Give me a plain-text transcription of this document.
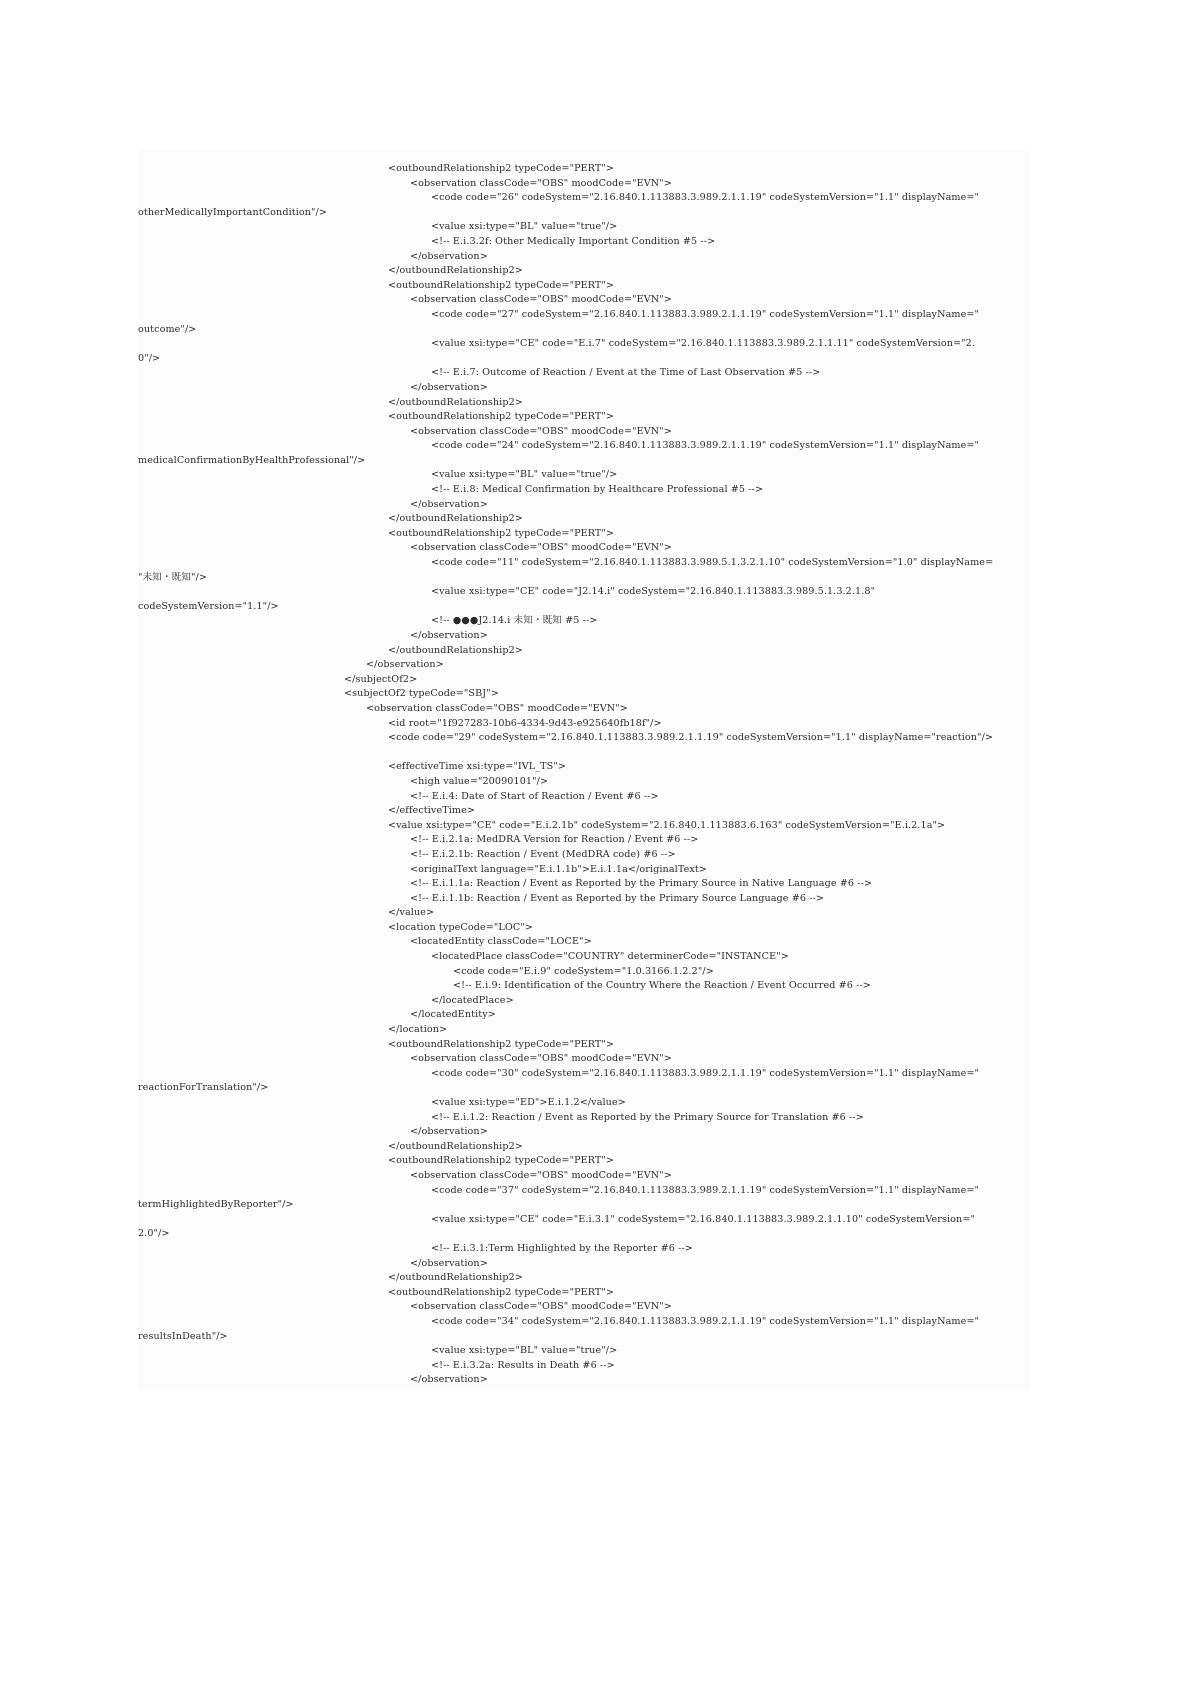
<outboundRelationship2 typeCode="PERT">
<observation classCode="OBS" moodCode="EVN">
<code code="26" codeSystem="2.16.840.1.113883.3.989.2.1.1.19" codeSystemVersion="1.1" displayName="
otherMedicallyImportantCondition"/>
<value xsi:type="BL" value="true"/>
<!-- E.i.3.2f: Other Medically Important Condition #5 -->
</observation>
</outboundRelationship2>
<outboundRelationship2 typeCode="PERT">
<observation classCode="OBS" moodCode="EVN">
<code code="27" codeSystem="2.16.840.1.113883.3.989.2.1.1.19" codeSystemVersion="1.1" displayName="
outcome"/>
<value xsi:type="CE" code="E.i.7" codeSystem="2.16.840.1.113883.3.989.2.1.1.11" codeSystemVersion="2.
0"/>
<!-- E.i.7: Outcome of Reaction / Event at the Time of Last Observation #5 -->
</observation>
</outboundRelationship2>
<outboundRelationship2 typeCode="PERT">
<observation classCode="OBS" moodCode="EVN">
<code code="24" codeSystem="2.16.840.1.113883.3.989.2.1.1.19" codeSystemVersion="1.1" displayName="
medicalConfirmationByHealthProfessional"/>
<value xsi:type="BL" value="true"/>
<!-- E.i.8: Medical Confirmation by Healthcare Professional #5 -->
</observation>
</outboundRelationship2>
<outboundRelationship2 typeCode="PERT">
<observation classCode="OBS" moodCode="EVN">
<code code="11" codeSystem="2.16.840.1.113883.3.989.5.1.3.2.1.10" codeSystemVersion="1.0" displayName=
"未知・既知"/>
<value xsi:type="CE" code="J2.14.i" codeSystem="2.16.840.1.113883.3.989.5.1.3.2.1.8"
codeSystemVersion="1.1"/>
<!-- ●●●J2.14.i 未知・既知 #5 -->
</observation>
</outboundRelationship2>
</observation>
</subjectOf2>
<subjectOf2 typeCode="SBJ">
<observation classCode="OBS" moodCode="EVN">
<id root="1f927283-10b6-4334-9d43-e925640fb18f"/>
<code code="29" codeSystem="2.16.840.1.113883.3.989.2.1.1.19" codeSystemVersion="1.1" displayName="reaction"/>
<effectiveTime xsi:type="IVL_TS">
<high value="20090101"/>
<!-- E.i.4: Date of Start of Reaction / Event #6 -->
</effectiveTime>
<value xsi:type="CE" code="E.i.2.1b" codeSystem="2.16.840.1.113883.6.163" codeSystemVersion="E.i.2.1a">
<!-- E.i.2.1a: MedDRA Version for Reaction / Event #6 -->
<!-- E.i.2.1b: Reaction / Event (MedDRA code) #6 -->
<originalText language="E.i.1.1b">E.i.1.1a</originalText>
<!-- E.i.1.1a: Reaction / Event as Reported by the Primary Source in Native Language #6 -->
<!-- E.i.1.1b: Reaction / Event as Reported by the Primary Source Language #6 -->
</value>
<location typeCode="LOC">
<locatedEntity classCode="LOCE">
<locatedPlace classCode="COUNTRY" determinerCode="INSTANCE">
<code code="E.i.9" codeSystem="1.0.3166.1.2.2"/>
<!-- E.i.9: Identification of the Country Where the Reaction / Event Occurred #6 -->
</locatedPlace>
</locatedEntity>
</location>
<outboundRelationship2 typeCode="PERT">
<observation classCode="OBS" moodCode="EVN">
<code code="30" codeSystem="2.16.840.1.113883.3.989.2.1.1.19" codeSystemVersion="1.1" displayName="
reactionForTranslation"/>
<value xsi:type="ED">E.i.1.2</value>
<!-- E.i.1.2: Reaction / Event as Reported by the Primary Source for Translation #6 -->
</observation>
</outboundRelationship2>
<outboundRelationship2 typeCode="PERT">
<observation classCode="OBS" moodCode="EVN">
<code code="37" codeSystem="2.16.840.1.113883.3.989.2.1.1.19" codeSystemVersion="1.1" displayName="
termHighlightedByReporter"/>
<value xsi:type="CE" code="E.i.3.1" codeSystem="2.16.840.1.113883.3.989.2.1.1.10" codeSystemVersion="
2.0"/>
<!-- E.i.3.1:Term Highlighted by the Reporter #6 -->
</observation>
</outboundRelationship2>
<outboundRelationship2 typeCode="PERT">
<observation classCode="OBS" moodCode="EVN">
<code code="34" codeSystem="2.16.840.1.113883.3.989.2.1.1.19" codeSystemVersion="1.1" displayName="
resultsInDeath"/>
<value xsi:type="BL" value="true"/>
<!-- E.i.3.2a: Results in Death #6 -->
</observation>
